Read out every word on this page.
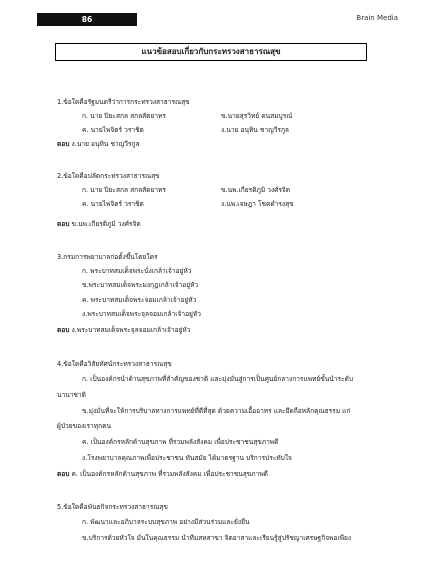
86	Brain Media
แนวข้อสอบเกี่ยวกับกระทรวงสาธารณสุข
1.ข้อใดคือรัฐมนตรีว่าการกระทรวงสาธารณสุข
ก. นาย ปิยะสกล สกลสัตยาทร	ข.นายสุรวิทย์ คนสมบูรณ์
ค. นายไพจิตร์ วราชิต	ง.นาย อนุทิน ชาญวีรกูล
ตอบ ง.นาย อนุทิน ชาญวีรกูล
2.ข้อใดคือปลัดกระทรวงสาธารณสุข
ก. นาย ปิยะสกล สกลสัตยาทร	ข.นพ.เกียรติภูมิ วงศ์รจิต
ค. นายไพจิตร์ วราชิต	ง.นพ.เจษฎา โชคดำรงสุข
ตอบ ข.นพ.เกียรติภูมิ วงศ์รจิต
3.กรมการพยาบาลก่อตั้งขึ้นโดยใคร
ก. พระบาทสมเด็จพระนั่งเกล้าเจ้าอยู่หัว
ข.พระบาทสมเด็จพระมงกุฎเกล้าเจ้าอยู่หัว
ค. พระบาทสมเด็จพระจอมเกล้าเจ้าอยู่หัว
ง.พระบาทสมเด็จพระจุลจอมเกล้าเจ้าอยู่หัว
ตอบ ง.พระบาทสมเด็จพระจุลจอมเกล้าเจ้าอยู่หัว
4.ข้อใดคือวิสัยทัศน์กระทรวงสาธารณสุข
ก. เป็นองค์กรนำด้านสุขภาพที่สำคัญของชาติ และมุ่งมั่นสู่การเป็นศูนย์กลางการแพทย์ขั้นนำระดับ
นานาชาติ
ข.มุ่งมั่นที่จะให้การบริบาลทางการแพทย์ที่ดีที่สุด ด้วยความเอื้ออาทร และยึดถือหลักคุณธรรม แก่
ผู้ป่วยของเราทุกคน
ค. เป็นองค์กรหลักด้านสุขภาพ ที่รวมพลังสังคม เพื่อประชาชนสุขภาพดี
ง.โรงพยาบาลคุณภาพเพื่อประชาชน ทันสมัย ได้มาตรฐาน บริการประทับใจ
ตอบ ค. เป็นองค์กรหลักด้านสุขภาพ ที่รวมพลังสังคม เพื่อประชาชนสุขภาพดี
5.ข้อใดคือพันธกิจกระทรวงสาธารณสุข
ก. พัฒนาและอภิบาลระบบสุขภาพ อย่างมีส่วนร่วมและยั่งยืน
ข.บริการด้วยหัวใจ มั่นในคุณธรรม นำทีมสหสาขา จิตอาสาและเรียนรู้สู่ปรัชญาเศรษฐกิจพอเพียง
